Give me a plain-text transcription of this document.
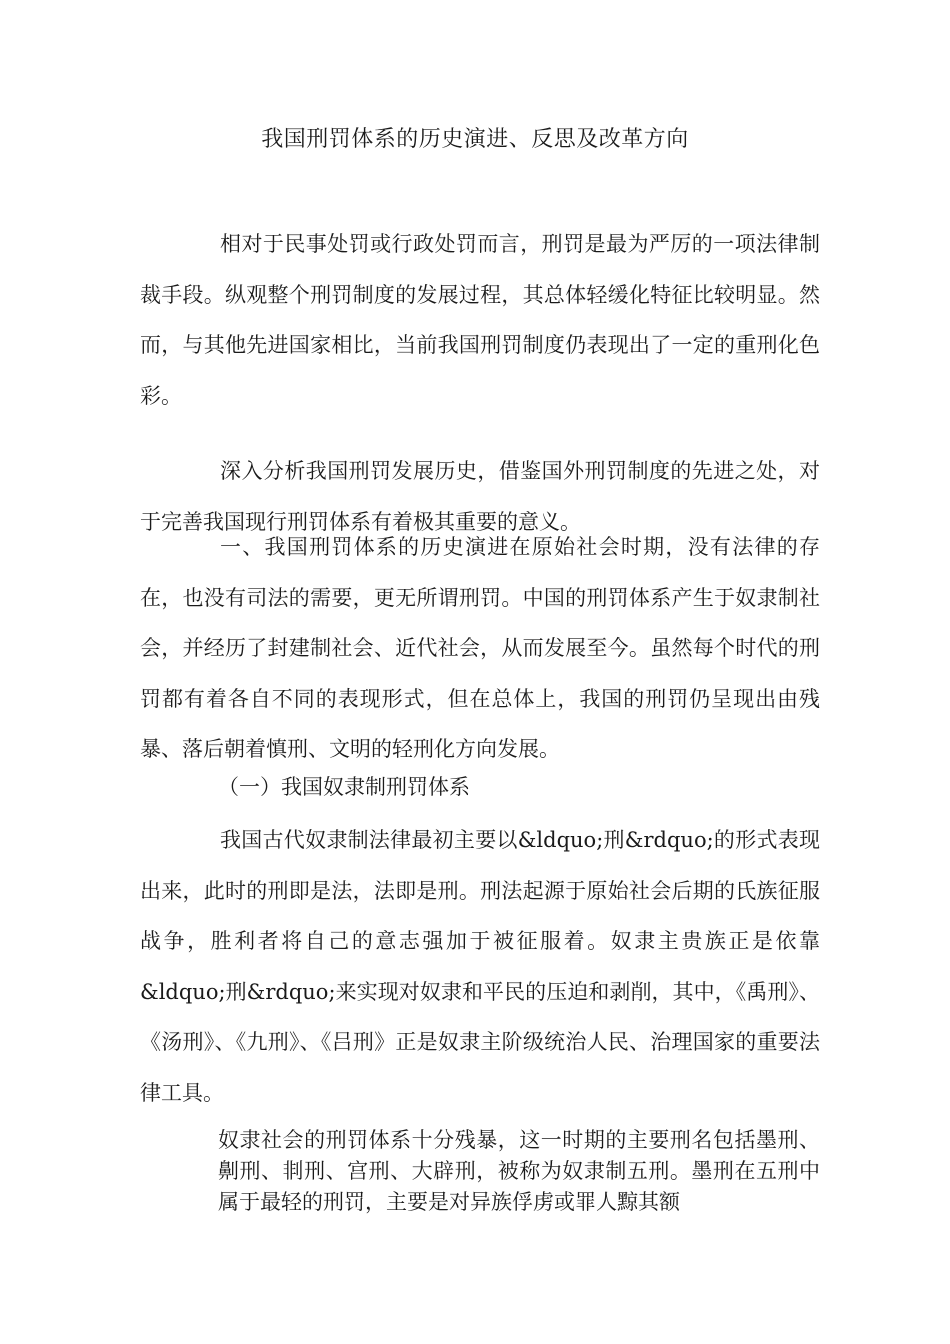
我国刑罚体系的历史演进、反思及改革方向

相对于民事处罚或行政处罚而言，刑罚是最为严厉的一项法律制裁手段。纵观整个刑罚制度的发展过程，其总体轻缓化特征比较明显。然而，与其他先进国家相比，当前我国刑罚制度仍表现出了一定的重刑化色彩。

深入分析我国刑罚发展历史，借鉴国外刑罚制度的先进之处，对于完善我国现行刑罚体系有着极其重要的意义。

一、我国刑罚体系的历史演进在原始社会时期，没有法律的存在，也没有司法的需要，更无所谓刑罚。中国的刑罚体系产生于奴隶制社会，并经历了封建制社会、近代社会，从而发展至今。虽然每个时代的刑罚都有着各自不同的表现形式，但在总体上，我国的刑罚仍呈现出由残暴、落后朝着慎刑、文明的轻刑化方向发展。

（一）我国奴隶制刑罚体系

我国古代奴隶制法律最初主要以&ldquo;刑&rdquo;的形式表现出来，此时的刑即是法，法即是刑。刑法起源于原始社会后期的氏族征服战争，胜利者将自己的意志强加于被征服着。奴隶主贵族正是依靠&ldquo;刑&rdquo;来实现对奴隶和平民的压迫和剥削，其中，《禹刑》、《汤刑》、《九刑》、《吕刑》正是奴隶主阶级统治人民、治理国家的重要法律工具。

奴隶社会的刑罚体系十分残暴，这一时期的主要刑名包括墨刑、劓刑、剕刑、宫刑、大辟刑，被称为奴隶制五刑。墨刑在五刑中属于最轻的刑罚，主要是对异族俘虏或罪人黥其额
